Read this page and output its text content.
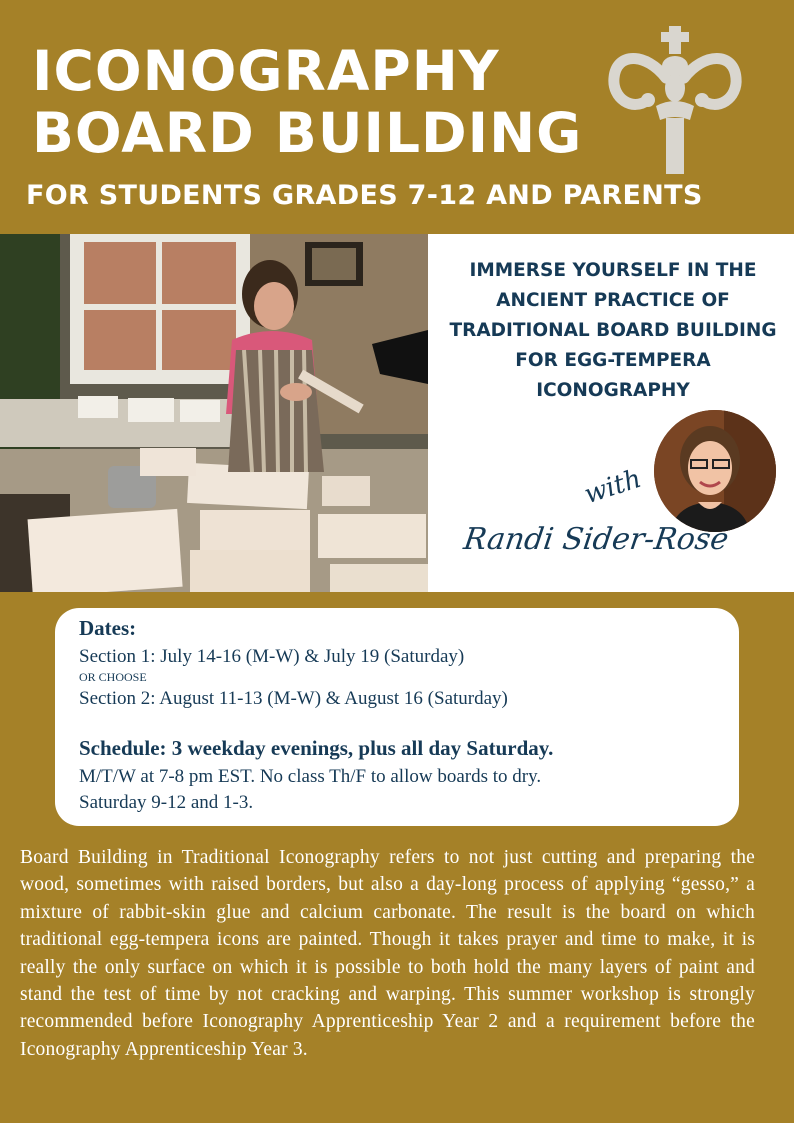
ICONOGRAPHY
BOARD BUILDING
FOR STUDENTS GRADES 7-12 AND PARENTS
IMMERSE YOURSELF IN THE ANCIENT PRACTICE OF TRADITIONAL BOARD BUILDING FOR EGG-TEMPERA ICONOGRAPHY
with
Randi Sider-Rose
Dates:
Section 1: July 14-16 (M-W) & July 19 (Saturday)
OR CHOOSE
Section 2: August 11-13 (M-W) & August 16 (Saturday)
Schedule: 3 weekday evenings, plus all day Saturday.
M/T/W at 7-8 pm EST. No class Th/F to allow boards to dry.
Saturday 9-12 and 1-3.

Board Building in Traditional Iconography refers to not just cutting and preparing the wood, sometimes with raised borders, but also a day-long process of applying “gesso,” a mixture of rabbit-skin glue and calcium carbonate. The result is the board on which traditional egg-tempera icons are painted. Though it takes prayer and time to make, it is really the only surface on which it is possible to both hold the many layers of paint and stand the test of time by not cracking and warping. This summer workshop is strongly recommended before Iconography Apprenticeship Year 2 and a requirement before the Iconography Apprenticeship Year 3.
